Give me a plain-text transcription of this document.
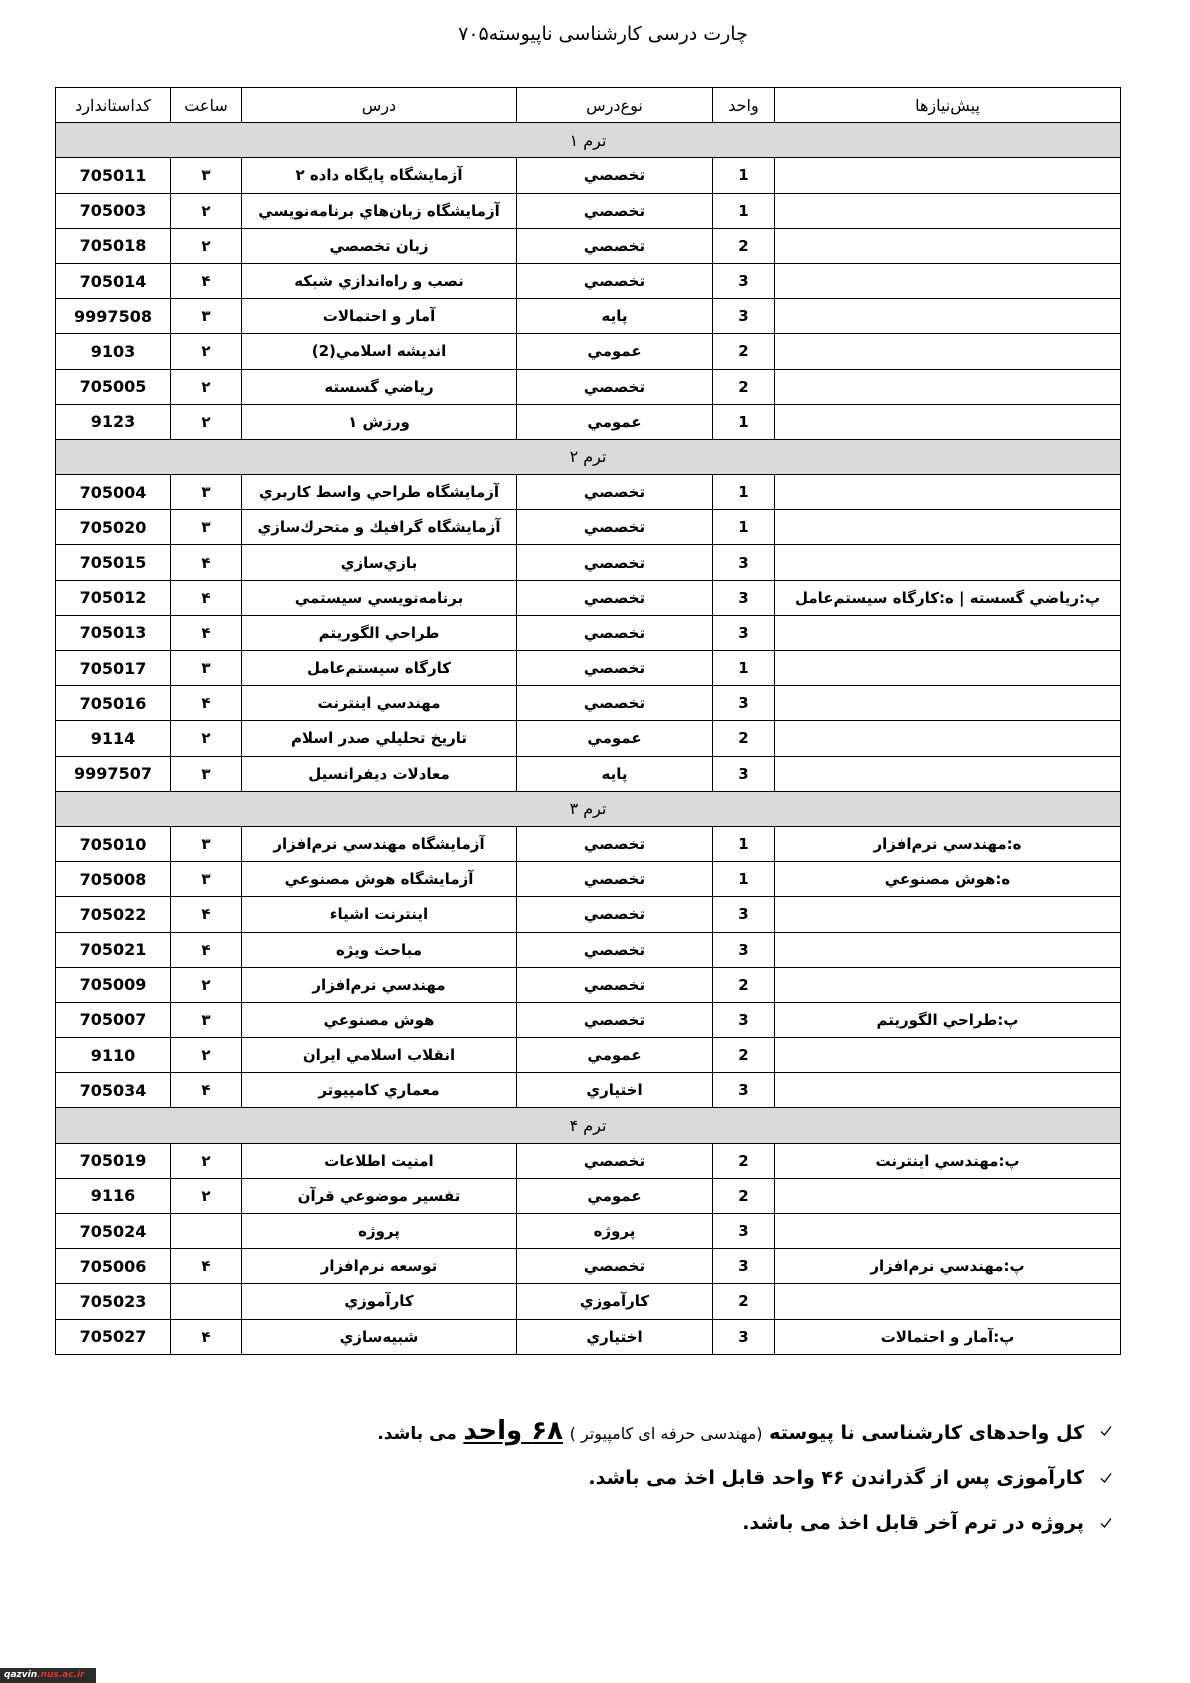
چارت درسی کارشناسی ناپیوسته۷۰۵
پیش‌نیازها	واحد	نوع‌درس	درس	ساعت	کداستاندارد
ترم ۱					
	1	تخصصي	آزمایشگاه پایگاه داده ۲	۳	705011
	1	تخصصي	آزمایشگاه زبان‌هاي برنامه‌نویسي	۲	705003
	2	تخصصي	زبان تخصصي	۲	705018
	3	تخصصي	نصب و راه‌اندازي شبکه	۴	705014
	3	پایه	آمار و احتمالات	۳	9997508
	2	عمومي	اندیشه اسلامي(2)	۲	9103
	2	تخصصي	ریاضي گسسته	۲	705005
	1	عمومي	ورزش ۱	۲	9123
ترم ۲					
	1	تخصصي	آزمایشگاه طراحي واسط کاربري	۳	705004
	1	تخصصي	آزمایشگاه گرافیك و متحرك‌سازي	۳	705020
	3	تخصصي	بازي‌سازي	۴	705015
پ:ریاضي گسسته | ه:کارگاه سیستم‌عامل	3	تخصصي	برنامه‌نویسي سیستمي	۴	705012
	3	تخصصي	طراحي الگوریتم	۴	705013
	1	تخصصي	کارگاه سیستم‌عامل	۳	705017
	3	تخصصي	مهندسي اینترنت	۴	705016
	2	عمومي	تاریخ تحلیلي صدر اسلام	۲	9114
	3	پایه	معادلات دیفرانسیل	۳	9997507
ترم ۳					
ه:مهندسي نرم‌افزار	1	تخصصي	آزمایشگاه مهندسي نرم‌افزار	۳	705010
ه:هوش مصنوعي	1	تخصصي	آزمایشگاه هوش مصنوعي	۳	705008
	3	تخصصي	اینترنت اشیاء	۴	705022
	3	تخصصي	مباحث ویژه	۴	705021
	2	تخصصي	مهندسي نرم‌افزار	۲	705009
پ:طراحي الگوریتم	3	تخصصي	هوش مصنوعي	۳	705007
	2	عمومي	انقلاب اسلامي ایران	۲	9110
	3	اختیاري	معماري کامپیوتر	۴	705034
ترم ۴					
پ:مهندسي اینترنت	2	تخصصي	امنیت اطلاعات	۲	705019
	2	عمومي	تفسیر موضوعي قرآن	۲	9116
	3	پروژه	پروژه		705024
پ:مهندسي نرم‌افزار	3	تخصصي	توسعه نرم‌افزار	۴	705006
	2	کارآموزي	کارآموزي		705023
پ:آمار و احتمالات	3	اختیاري	شبیه‌سازي	۴	705027
کل واحدهای کارشناسی نا پیوسته (مهندسی حرفه ای کامپیوتر ) ۶۸ واحد می باشد.
کارآموزی پس از گذراندن ۴۶ واحد قابل اخذ می باشد.
پروژه در ترم آخر قابل اخذ می باشد.
qazvin.nus.ac.ir
